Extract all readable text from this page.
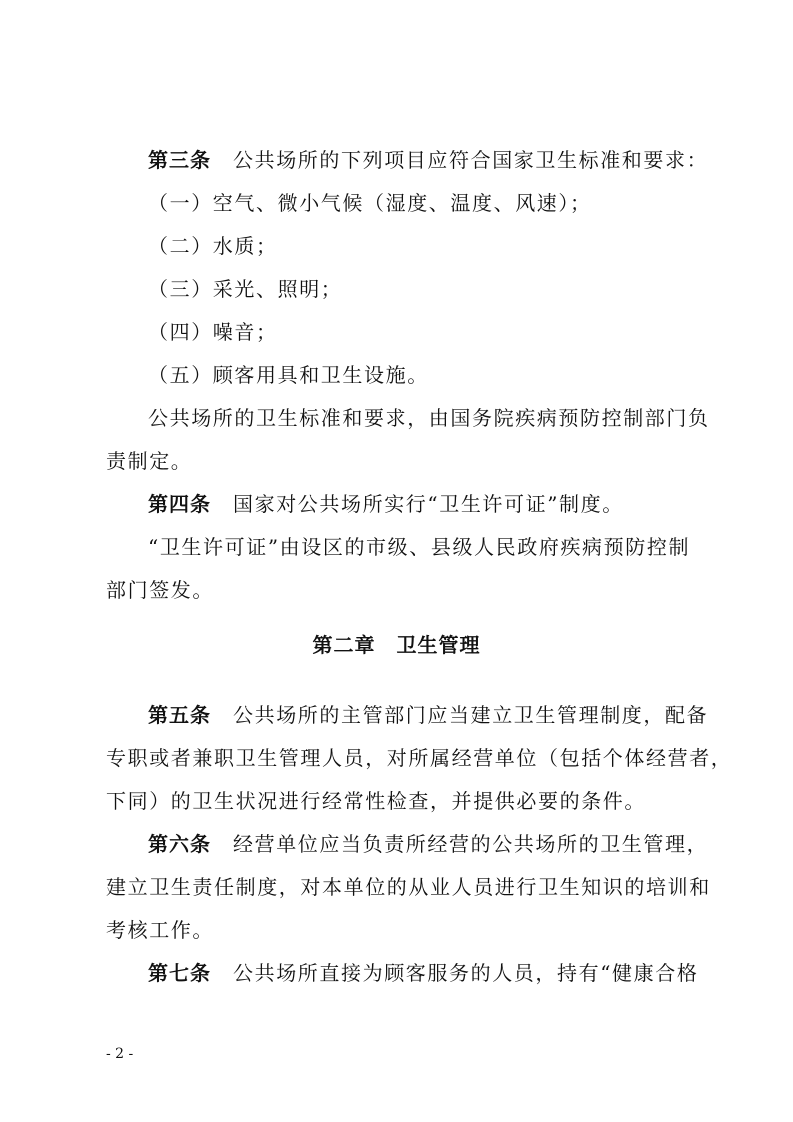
第三条 公共场所的下列项目应符合国家卫生标准和要求：
（一）空气、微小气候（湿度、温度、风速）；
（二）水质；
（三）采光、照明；
（四）噪音；
（五）顾客用具和卫生设施。
公共场所的卫生标准和要求，由国务院疾病预防控制部门负
责制定。
第四条 国家对公共场所实行“卫生许可证”制度。
“卫生许可证”由设区的市级、县级人民政府疾病预防控制
部门签发。
第二章　卫生管理
第五条 公共场所的主管部门应当建立卫生管理制度，配备
专职或者兼职卫生管理人员，对所属经营单位（包括个体经营者，
下同）的卫生状况进行经常性检查，并提供必要的条件。
第六条 经营单位应当负责所经营的公共场所的卫生管理，
建立卫生责任制度，对本单位的从业人员进行卫生知识的培训和
考核工作。
第七条 公共场所直接为顾客服务的人员，持有“健康合格
- 2 -
